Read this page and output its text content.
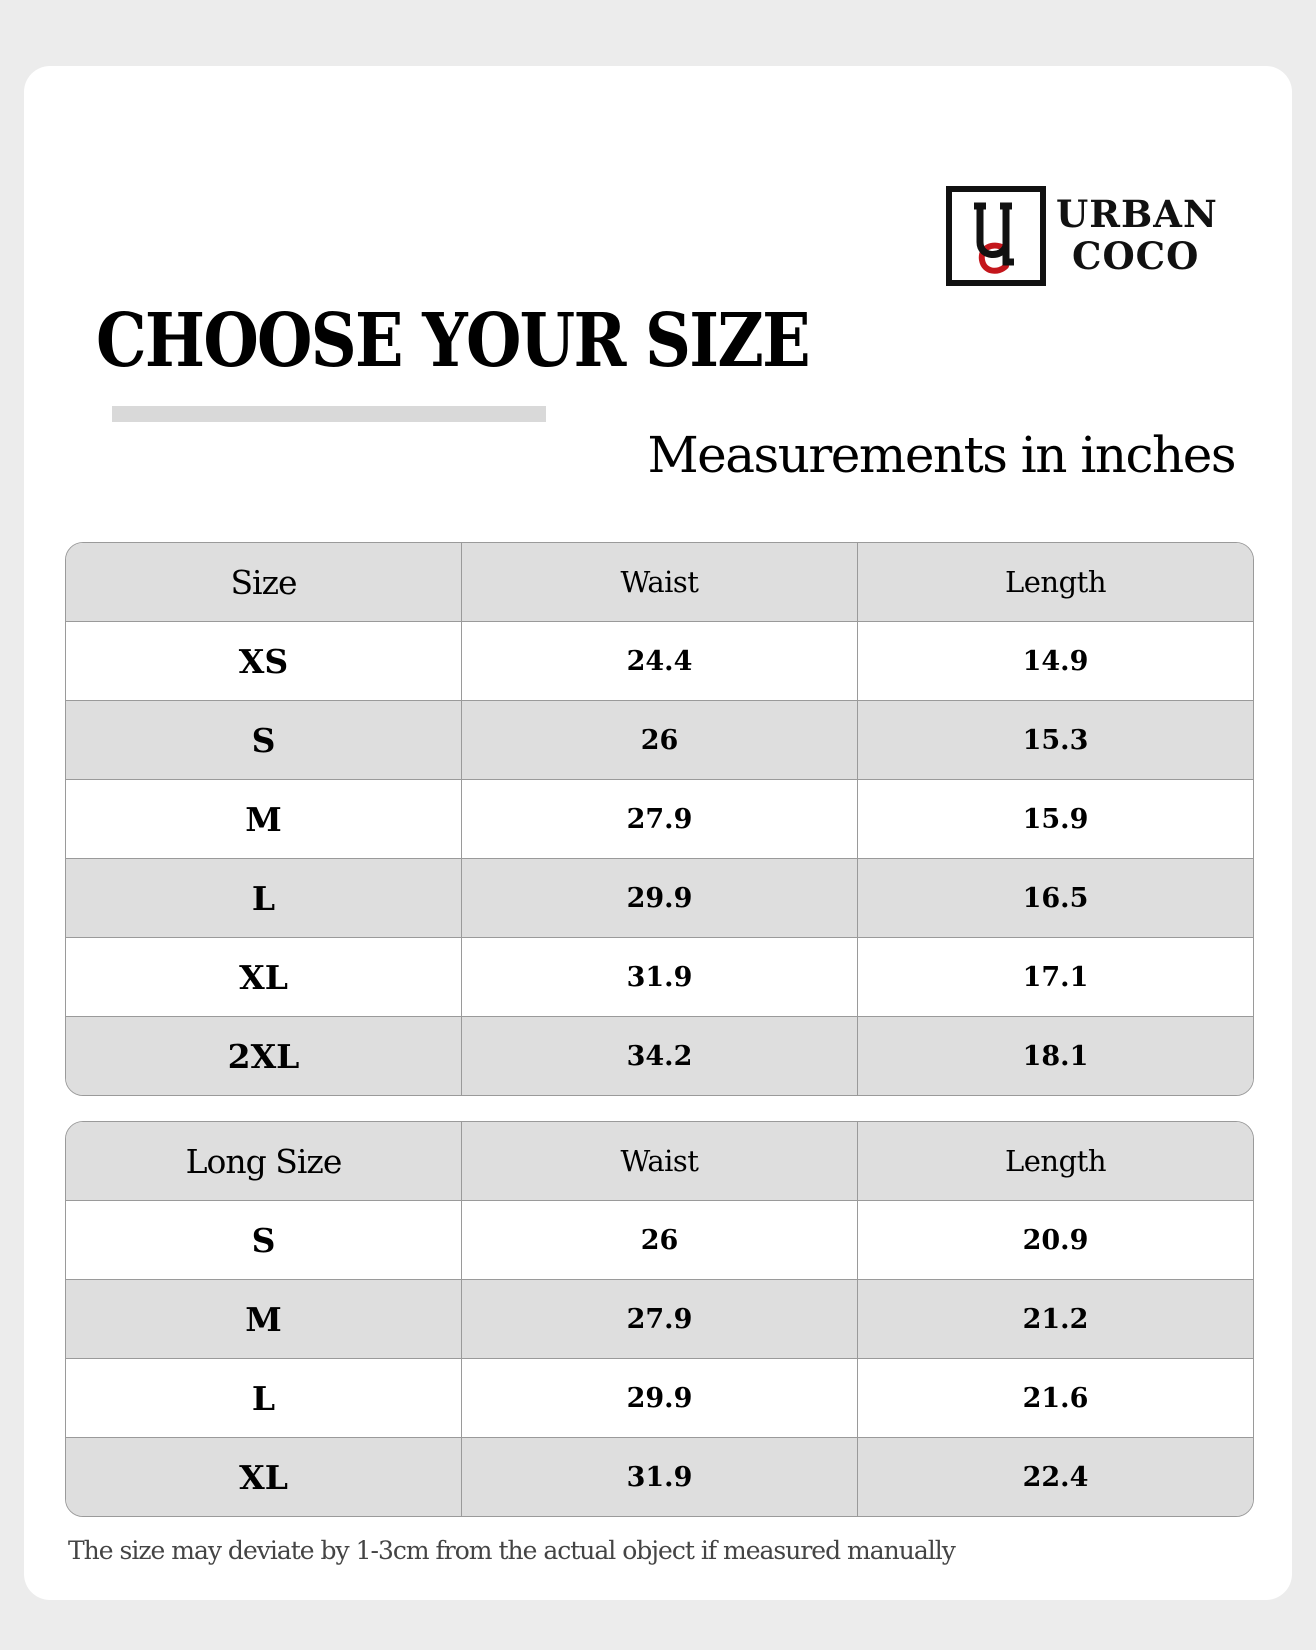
URBAN
COCO
CHOOSE YOUR SIZE
Measurements in inches
Size	Waist	Length
XS	24.4	14.9
S	26	15.3
M	27.9	15.9
L	29.9	16.5
XL	31.9	17.1
2XL	34.2	18.1
Long Size	Waist	Length
S	26	20.9
M	27.9	21.2
L	29.9	21.6
XL	31.9	22.4
The size may deviate by 1-3cm from the actual object if measured manually
